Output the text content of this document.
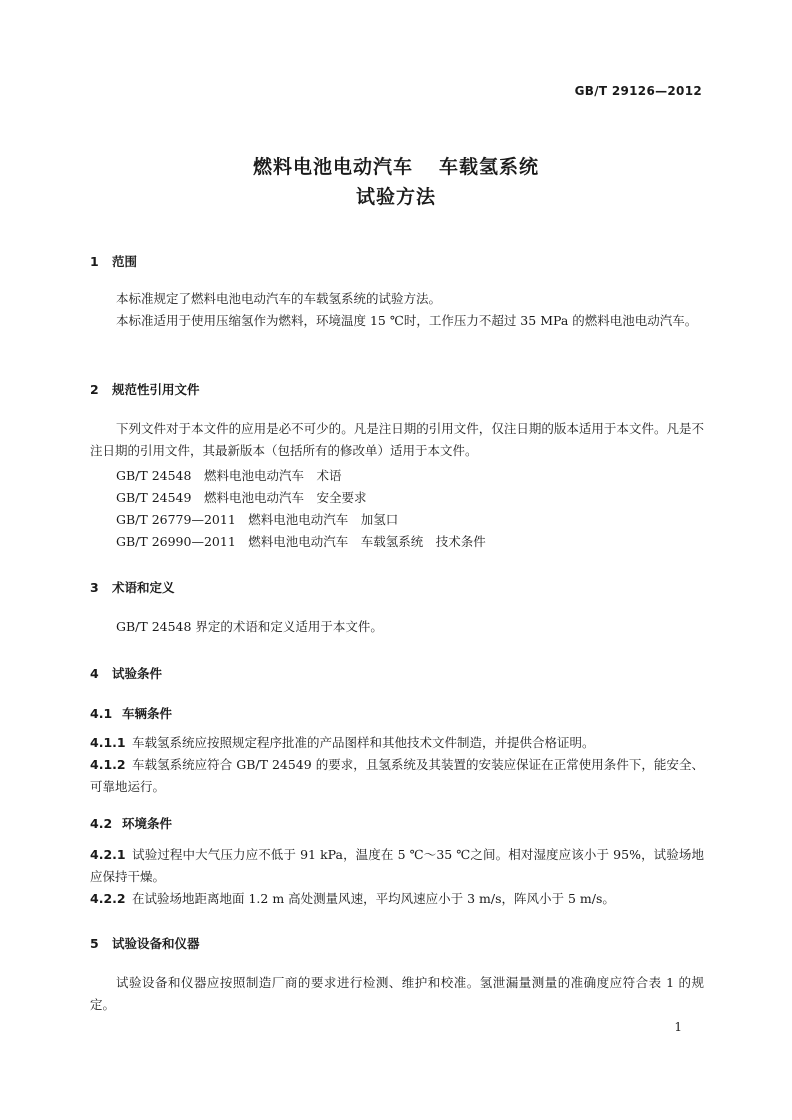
GB/T 29126—2012
燃料电池电动汽车 车载氢系统
试验方法
1 范围
本标准规定了燃料电池电动汽车的车载氢系统的试验方法。
本标准适用于使用压缩氢作为燃料，环境温度 15 ℃时，工作压力不超过 35 MPa 的燃料电池电动汽车。
2 规范性引用文件
下列文件对于本文件的应用是必不可少的。凡是注日期的引用文件，仅注日期的版本适用于本文件。凡是不注日期的引用文件，其最新版本（包括所有的修改单）适用于本文件。
GB/T 24548　燃料电池电动汽车　术语
GB/T 24549　燃料电池电动汽车　安全要求
GB/T 26779—2011　燃料电池电动汽车　加氢口
GB/T 26990—2011　燃料电池电动汽车　车载氢系统　技术条件
3 术语和定义
GB/T 24548 界定的术语和定义适用于本文件。
4 试验条件
4.1 车辆条件
4.1.1 车载氢系统应按照规定程序批准的产品图样和其他技术文件制造，并提供合格证明。
4.1.2 车载氢系统应符合 GB/T 24549 的要求，且氢系统及其装置的安装应保证在正常使用条件下，能安全、可靠地运行。
4.2 环境条件
4.2.1 试验过程中大气压力应不低于 91 kPa，温度在 5 ℃～35 ℃之间。相对湿度应该小于 95%，试验场地应保持干燥。
4.2.2 在试验场地距离地面 1.2 m 高处测量风速，平均风速应小于 3 m/s，阵风小于 5 m/s。
5 试验设备和仪器
试验设备和仪器应按照制造厂商的要求进行检测、维护和校准。氢泄漏量测量的准确度应符合表 1 的规定。
1
